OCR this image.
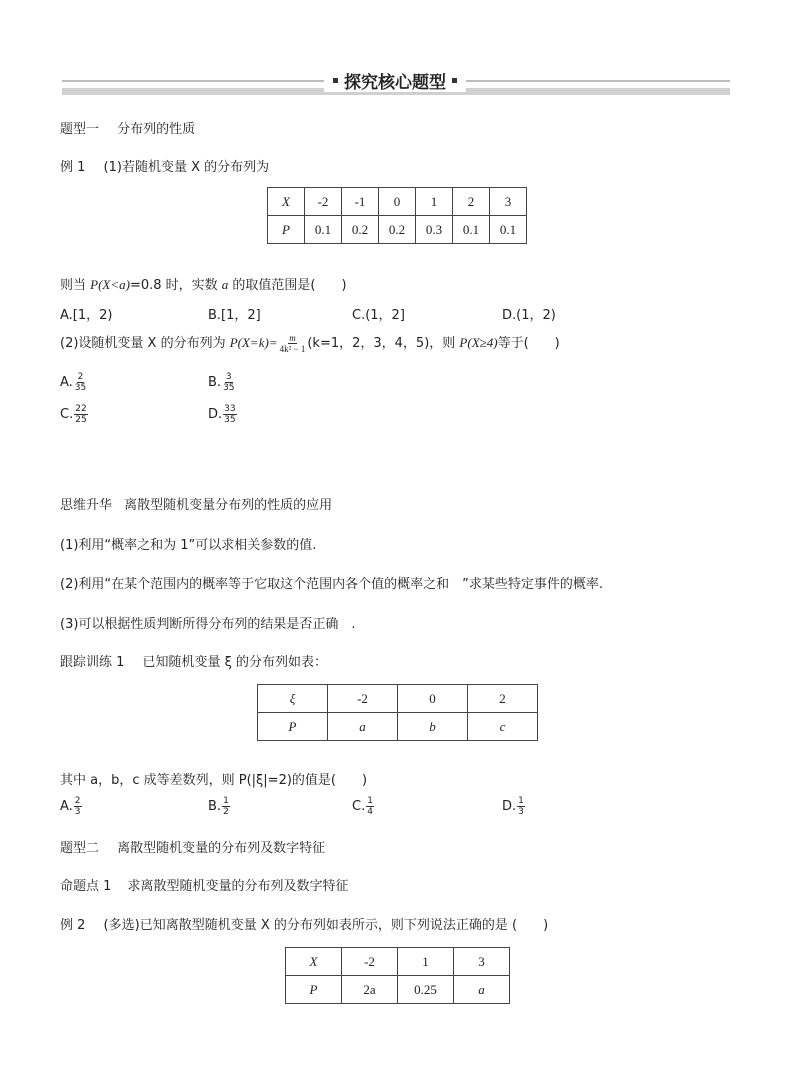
探究核心题型
题型一 分布列的性质
例 1 (1)若随机变量 X 的分布列为
X	-2	-1	0	1	2	3
P	0.1	0.2	0.2	0.3	0.1	0.1
则当 P(X<a)=0.8 时，实数 a 的取值范围是(　　)
A.[1，2)	B.[1，2]	C.(1，2]	D.(1，2)
(2)设随机变量 X 的分布列为 $P(X=k)= \frac{m}{\text{4k² − 1}} (k=1$，2，3，4，5)，则 P(X≥4)等于(　　)
A. $\frac{2}{35}$	B. $\frac{3}{35}$
C. $\frac{22}{25}$	D. $\frac{33}{35}$
思维升华 离散型随机变量分布列的性质的应用
(1)利用“概率之和为 1”可以求相关参数的值.
(2)利用“在某个范围内的概率等于它取这个范围内各个值的概率之和　”求某些特定事件的概率.
(3)可以根据性质判断所得分布列的结果是否正确　.
跟踪训练 1 已知随机变量 ξ 的分布列如表：
ξ	-2	0	2
P	a	b	c
其中 a，b，c 成等差数列，则 P(|ξ|=2)的值是(　　)
A. $\frac{2}{3}$	B. $\frac{1}{2}$	C. $\frac{1}{4}$	D. $\frac{1}{3}$
题型二 离散型随机变量的分布列及数字特征
命题点 1 求离散型随机变量的分布列及数字特征
例 2 (多选)已知离散型随机变量 X 的分布列如表所示，则下列说法正确的是 (　　)
X	-2	1	3
P	2a	0.25	a
